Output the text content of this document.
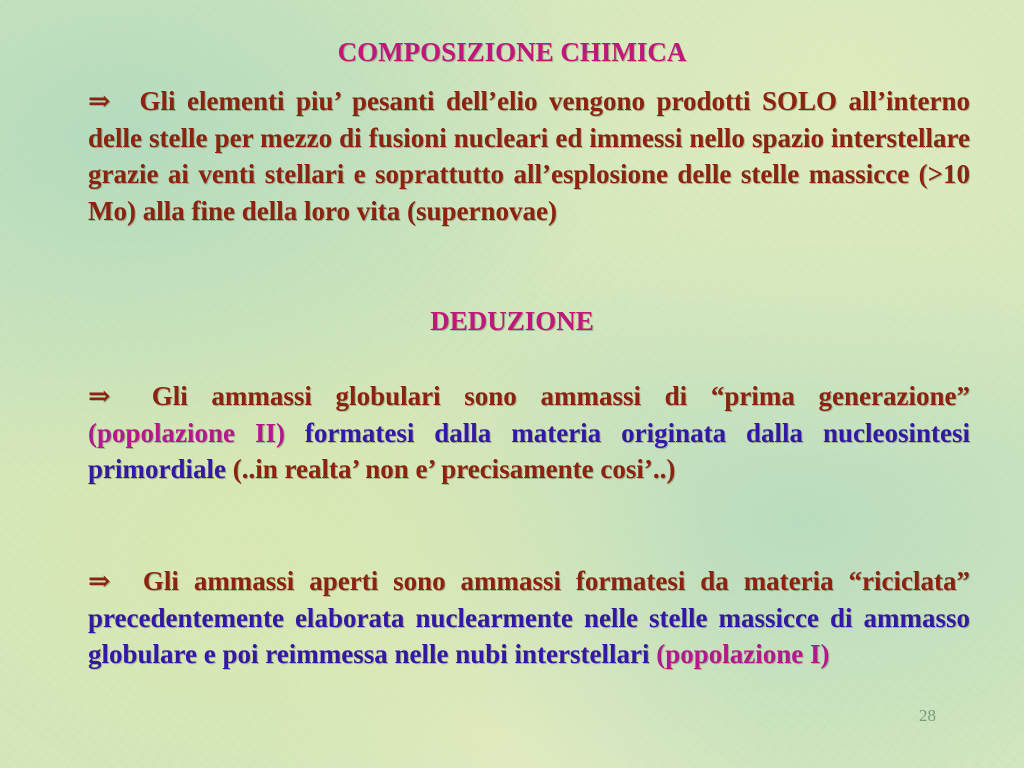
COMPOSIZIONE CHIMICA
⇒ Gli elementi piu’ pesanti dell’elio vengono prodotti SOLO all’interno delle stelle per mezzo di fusioni nucleari ed immessi nello spazio interstellare grazie ai venti stellari e soprattutto all’esplosione delle stelle massicce (>10 Mo) alla fine della loro vita (supernovae)
DEDUZIONE
⇒ Gli ammassi globulari sono ammassi di “prima generazione” (popolazione II) formatesi dalla materia originata dalla nucleosintesi primordiale (..in realta’ non e’ precisamente cosi’..)
⇒ Gli ammassi aperti sono ammassi formatesi da materia “riciclata” precedentemente elaborata nuclearmente nelle stelle massicce di ammasso globulare e poi reimmessa nelle nubi interstellari (popolazione I)
28
